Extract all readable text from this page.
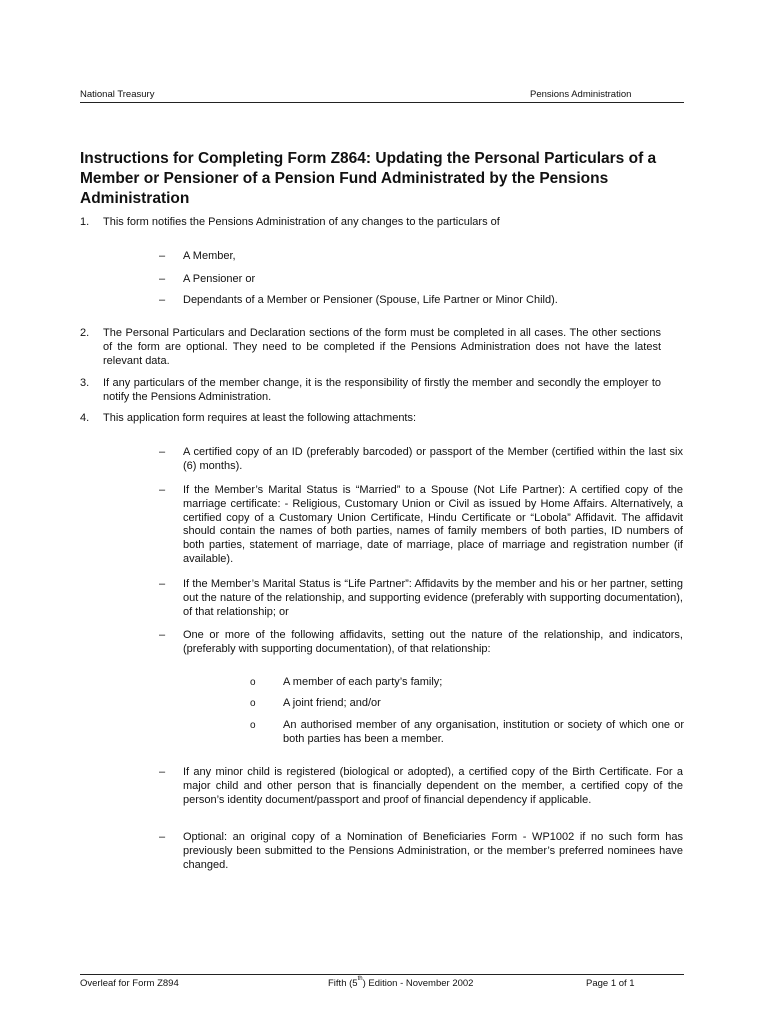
National Treasury	Pensions Administration
Instructions for Completing Form Z864: Updating the Personal Particulars of a Member or Pensioner of a Pension Fund Administrated by the Pensions Administration
1. This form notifies the Pensions Administration of any changes to the particulars of

– A Member,

– A Pensioner or

– Dependants of a Member or Pensioner (Spouse, Life Partner or Minor Child).

2. The Personal Particulars and Declaration sections of the form must be completed in all cases. The other sections of the form are optional. They need to be completed if the Pensions Administration does not have the latest relevant data.

3. If any particulars of the member change, it is the responsibility of firstly the member and secondly the employer to notify the Pensions Administration.

4. This application form requires at least the following attachments:

– A certified copy of an ID (preferably barcoded) or passport of the Member (certified within the last six (6) months).

– If the Member’s Marital Status is “Married” to a Spouse (Not Life Partner): A certified copy of the marriage certificate: - Religious, Customary Union or Civil as issued by Home Affairs. Alternatively, a certified copy of a Customary Union Certificate, Hindu Certificate or “Lobola” Affidavit. The affidavit should contain the names of both parties, names of family members of both parties, ID numbers of both parties, statement of marriage, date of marriage, place of marriage and registration number (if available).

– If the Member’s Marital Status is “Life Partner”: Affidavits by the member and his or her partner, setting out the nature of the relationship, and supporting evidence (preferably with supporting documentation), of that relationship; or

– One or more of the following affidavits, setting out the nature of the relationship, and indicators, (preferably with supporting documentation), of that relationship:

o A member of each party’s family;

o A joint friend; and/or

o An authorised member of any organisation, institution or society of which one or both parties has been a member.

– If any minor child is registered (biological or adopted), a certified copy of the Birth Certificate. For a major child and other person that is financially dependent on the member, a certified copy of the person’s identity document/passport and proof of financial dependency if applicable.

– Optional: an original copy of a Nomination of Beneficiaries Form - WP1002 if no such form has previously been submitted to the Pensions Administration, or the member’s preferred nominees have changed.

Overleaf for Form Z894	Fifth (5th) Edition - November 2002	Page 1 of 1
